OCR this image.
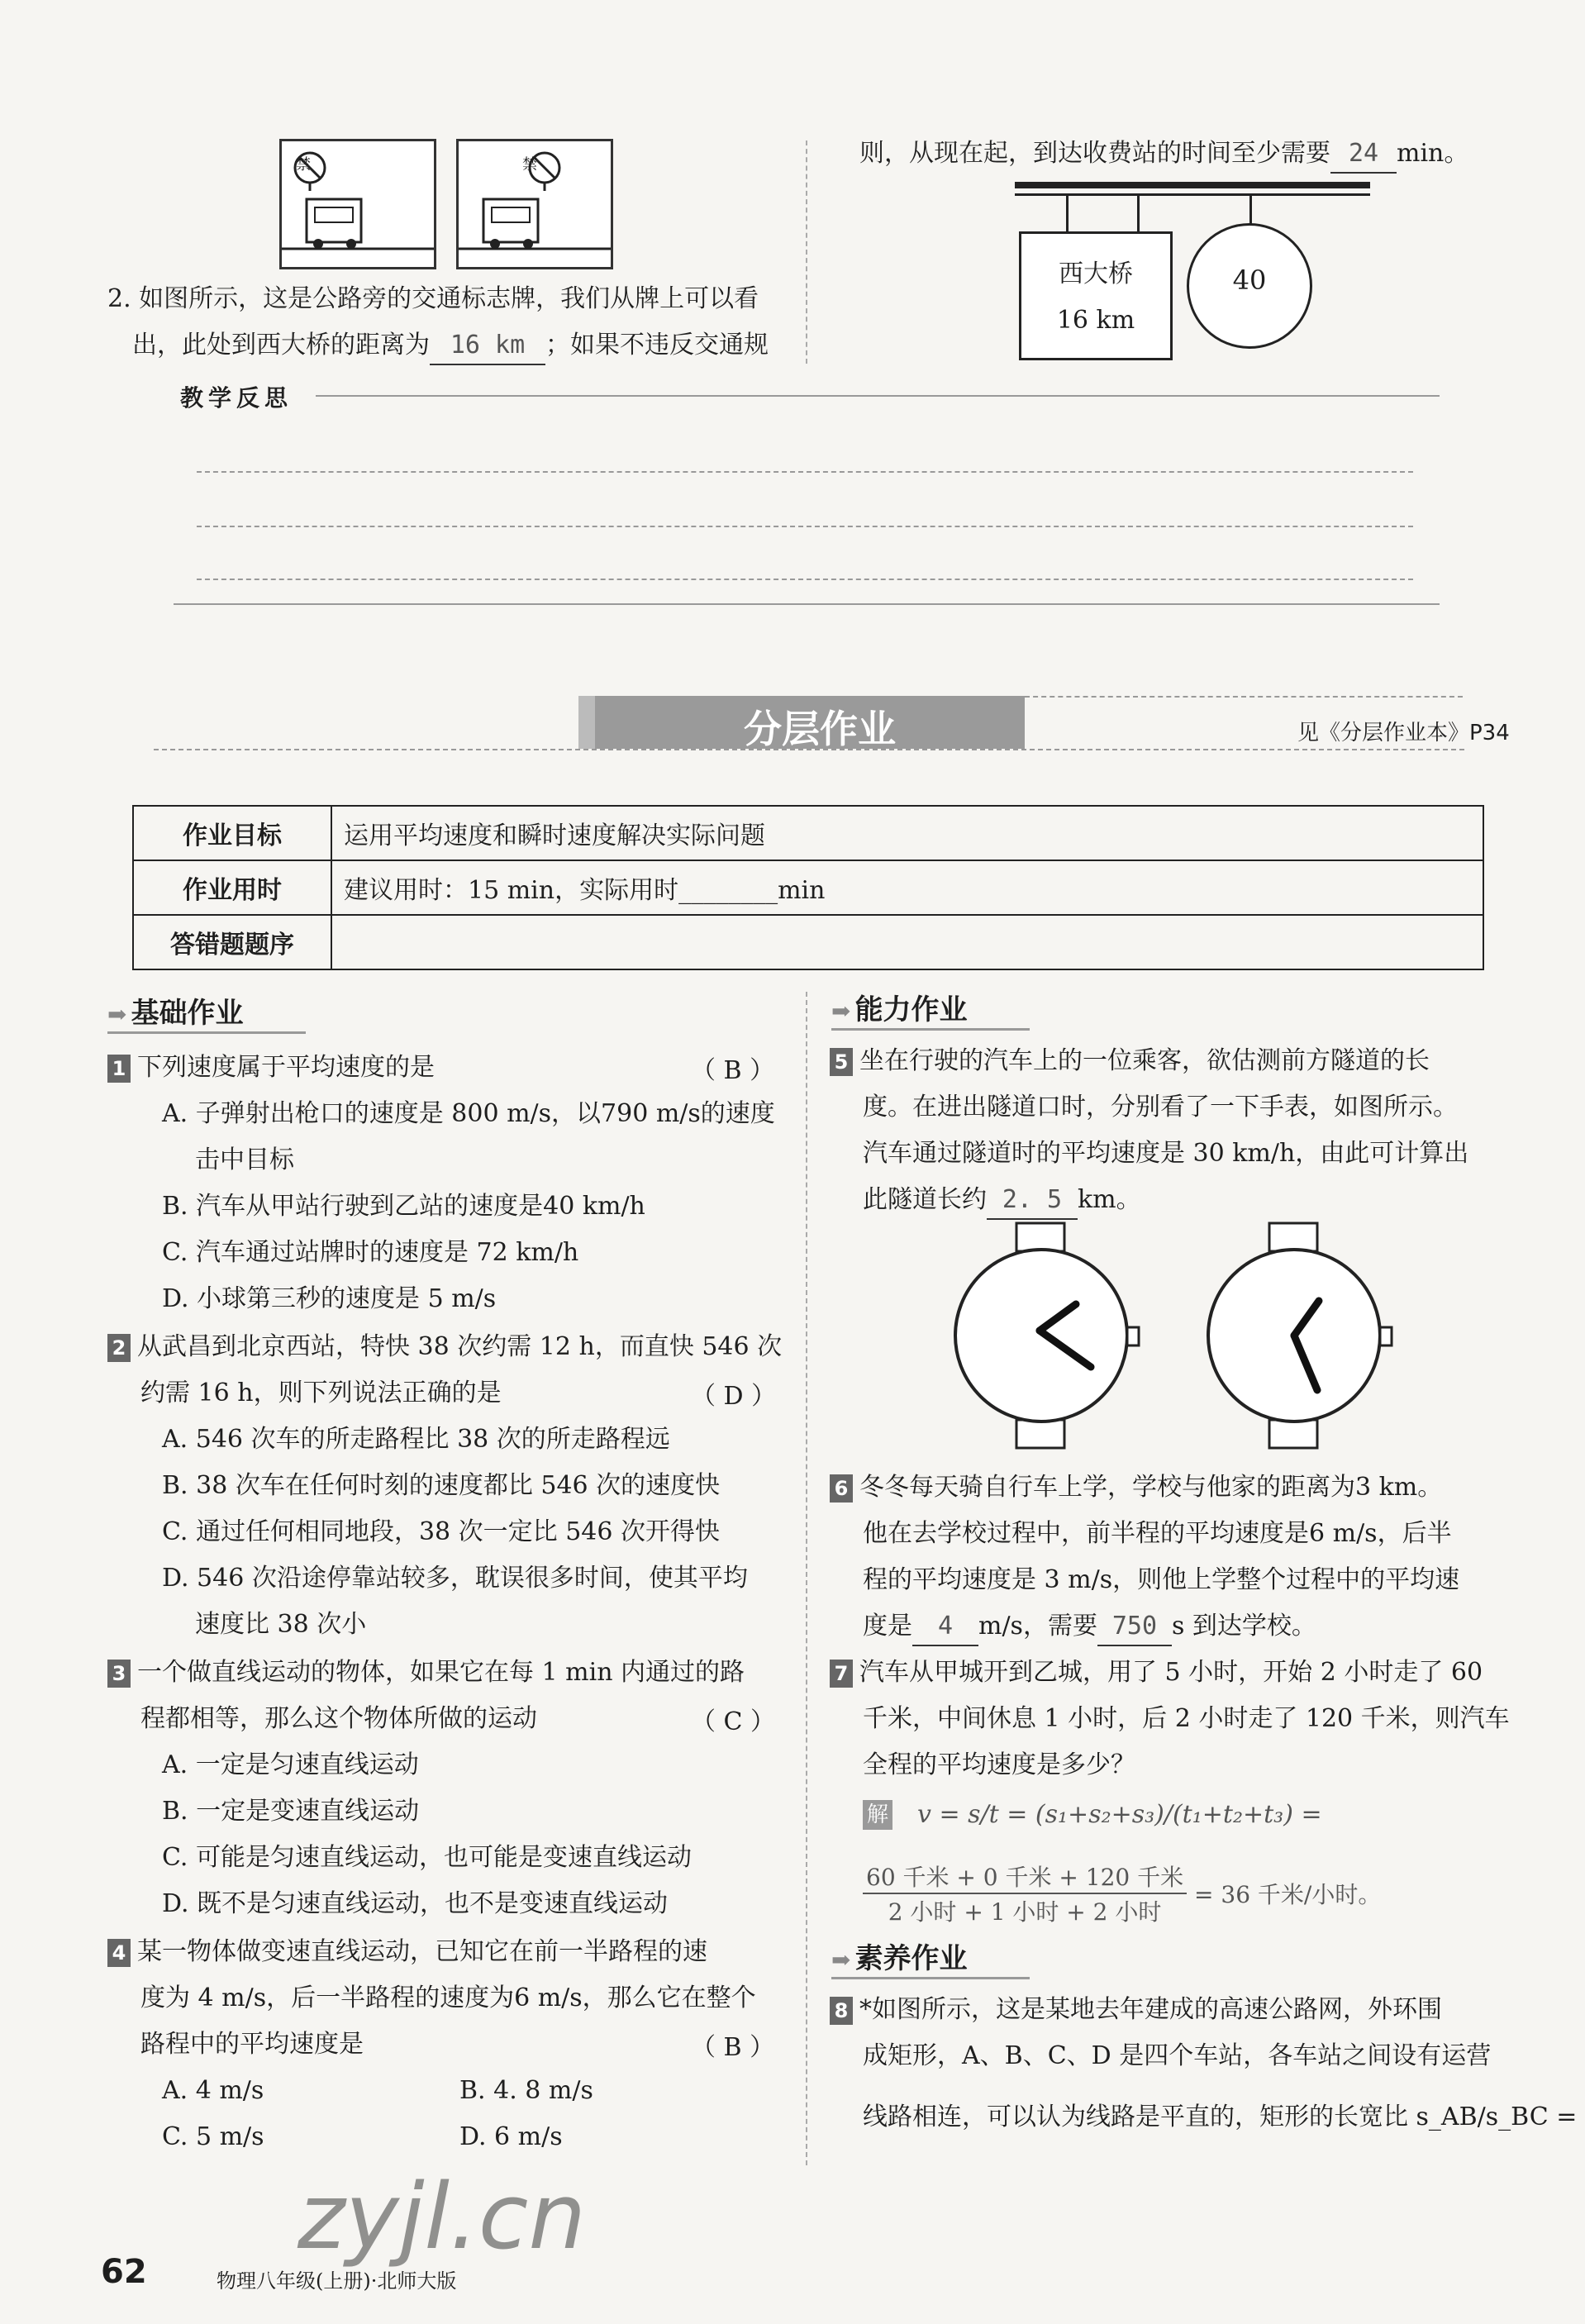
禁	禁
2. 如图所示，这是公路旁的交通标志牌，我们从牌上可以看
出，此处到西大桥的距离为 16 km ；如果不违反交通规
则，从现在起，到达收费站的时间至少需要 24 min。
西大桥
16 km
40
教学反思
分层作业	见《分层作业本》P34
作业目标	运用平均速度和瞬时速度解决实际问题
作业用时	建议用时：15 min，实际用时________min
答错题题序	
➡ 基础作业
1 下列速度属于平均速度的是	（ B ）
A. 子弹射出枪口的速度是 800 m/s，以790 m/s的速度
击中目标
B. 汽车从甲站行驶到乙站的速度是40 km/h
C. 汽车通过站牌时的速度是 72 km/h
D. 小球第三秒的速度是 5 m/s
2 从武昌到北京西站，特快 38 次约需 12 h，而直快 546 次
约需 16 h，则下列说法正确的是	（ D ）
A. 546 次车的所走路程比 38 次的所走路程远
B. 38 次车在任何时刻的速度都比 546 次的速度快
C. 通过任何相同地段，38 次一定比 546 次开得快
D. 546 次沿途停靠站较多，耽误很多时间，使其平均
速度比 38 次小
3 一个做直线运动的物体，如果它在每 1 min 内通过的路
程都相等，那么这个物体所做的运动	（ C ）
A. 一定是匀速直线运动
B. 一定是变速直线运动
C. 可能是匀速直线运动，也可能是变速直线运动
D. 既不是匀速直线运动，也不是变速直线运动
4 某一物体做变速直线运动，已知它在前一半路程的速
度为 4 m/s，后一半路程的速度为6 m/s，那么它在整个
路程中的平均速度是	（ B ）
A. 4 m/s	B. 4. 8 m/s
C. 5 m/s	D. 6 m/s
➡ 能力作业
5 坐在行驶的汽车上的一位乘客，欲估测前方隧道的长
度。在进出隧道口时，分别看了一下手表，如图所示。
汽车通过隧道时的平均速度是 30 km/h，由此可计算出
此隧道长约 2. 5 km。
6 冬冬每天骑自行车上学，学校与他家的距离为3 km。
他在去学校过程中，前半程的平均速度是6 m/s，后半
程的平均速度是 3 m/s，则他上学整个过程中的平均速
度是 4 m/s，需要 750 s 到达学校。
7 汽车从甲城开到乙城，用了 5 小时，开始 2 小时走了 60
千米，中间休息 1 小时，后 2 小时走了 120 千米，则汽车
全程的平均速度是多少？
解 v = s/t = (s₁+s₂+s₃)/(t₁+t₂+t₃) =
60 千米 + 0 千米 + 120 千米
2 小时 + 1 小时 + 2 小时
= 36 千米/小时。
➡ 素养作业
8 *如图所示，这是某地去年建成的高速公路网，外环围
成矩形，A、B、C、D 是四个车站，各车站之间设有运营
线路相连，可以认为线路是平直的，矩形的长宽比 s_AB/s_BC =
62	物理八年级(上册)·北师大版
zyjl.cn
